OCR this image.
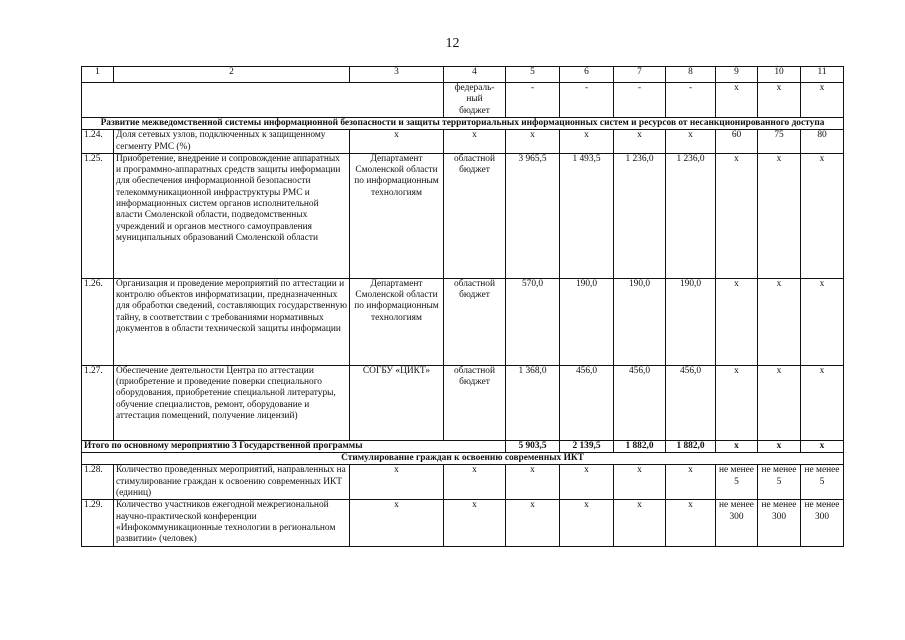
12
1	2	3	4	5	6	7	8	9	10	11
			федераль-
ный
бюджет	-	-	-	-	x	x	x
Развитие межведомственной системы информационной безопасности и защиты территориальных информационных систем и ресурсов от несанкционированного доступа										
1.24.	Доля сетевых узлов, подключенных к защищенному сегменту РМС (%)	x	x	x	x	x	x	60	75	80
1.25.	Приобретение, внедрение и сопровождение аппаратных и программно-аппаратных средств защиты информации для обеспечения информационной безопасности телекоммуникационной инфраструктуры РМС и информационных систем органов исполнительной власти Смоленской области, подведомственных учреждений и органов местного самоуправления муниципальных образований Смоленской области	Департамент Смоленской области по информационным технологиям	областной бюджет	3 965,5	1 493,5	1 236,0	1 236,0	x	x	x
1.26.	Организация и проведение мероприятий по аттестации и контролю объектов информатизации, предназначенных для обработки сведений, составляющих государственную тайну, в соответствии с требованиями нормативных документов в области технической защиты информации	Департамент Смоленской области по информационным технологиям	областной бюджет	570,0	190,0	190,0	190,0	x	x	x
1.27.	Обеспечение деятельности Центра по аттестации (приобретение и проведение поверки специального оборудования, приобретение специальной литературы, обучение специалистов, ремонт, оборудование и аттестация помещений, получение лицензий)	СОГБУ «ЦИКТ»	областной бюджет	1 368,0	456,0	456,0	456,0	x	x	x
Итого по основному мероприятию 3 Государственной программы				5 903,5	2 139,5	1 882,0	1 882,0	x	x	x
Стимулирование граждан к освоению современных ИКТ										
1.28.	Количество проведенных мероприятий, направленных на стимулирование граждан к освоению современных ИКТ (единиц)	x	x	x	x	x	x	не менее 5	не менее 5	не менее 5
1.29.	Количество участников ежегодной межрегиональной научно-практической конференции «Инфокоммуникационные технологии в региональном развитии» (человек)	x	x	x	x	x	x	не менее 300	не менее 300	не менее 300
